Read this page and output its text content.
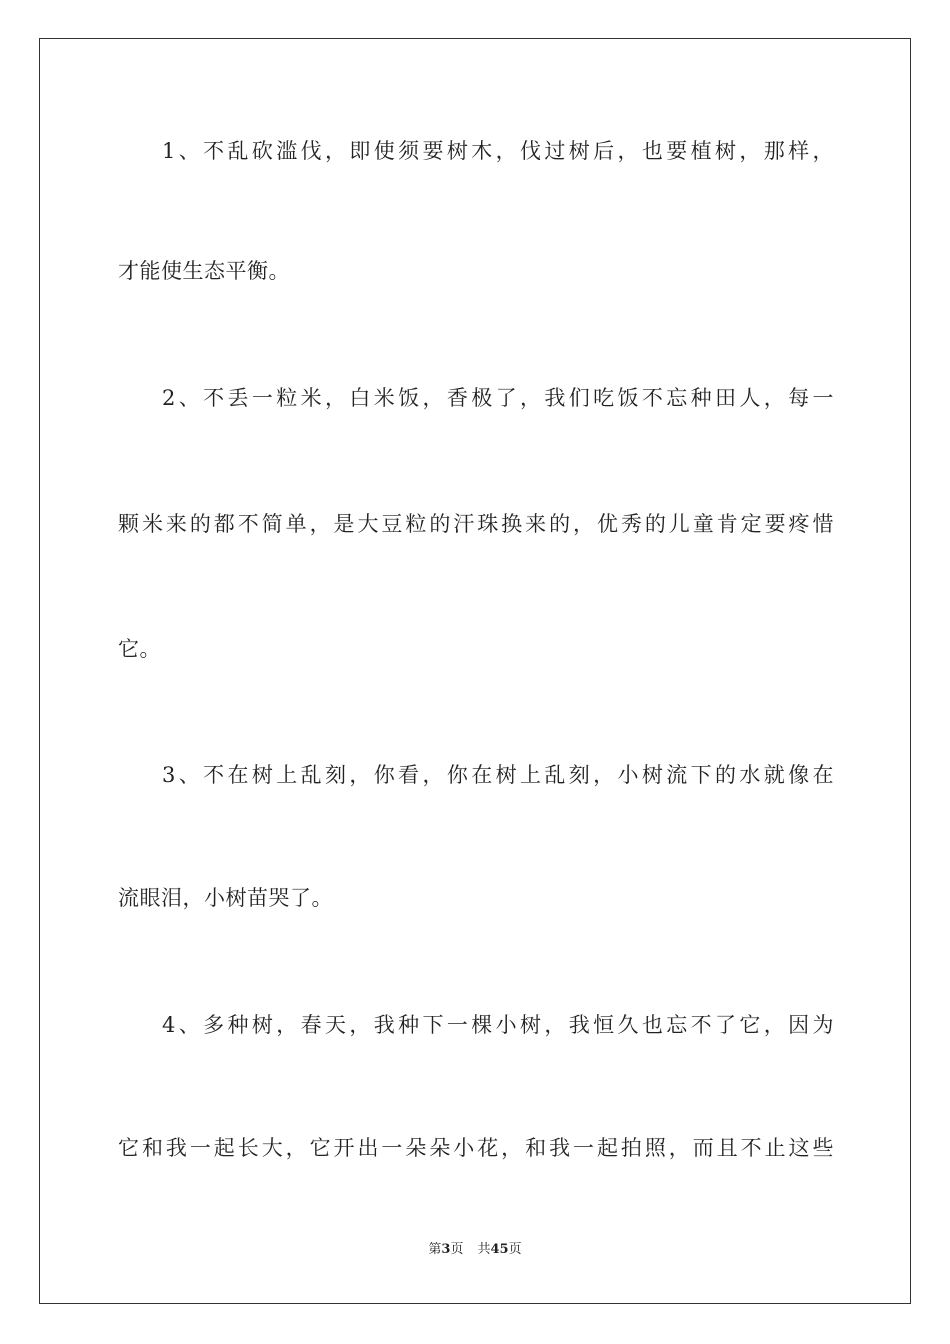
1、不乱砍滥伐，即使须要树木，伐过树后，也要植树，那样，
才能使生态平衡。
2、不丢一粒米，白米饭，香极了，我们吃饭不忘种田人，每一
颗米来的都不简单，是大豆粒的汗珠换来的，优秀的儿童肯定要疼惜
它。
3、不在树上乱刻，你看，你在树上乱刻，小树流下的水就像在
流眼泪，小树苗哭了。
4、多种树，春天，我种下一棵小树，我恒久也忘不了它，因为
它和我一起长大，它开出一朵朵小花，和我一起拍照，而且不止这些
第3页 共45页
